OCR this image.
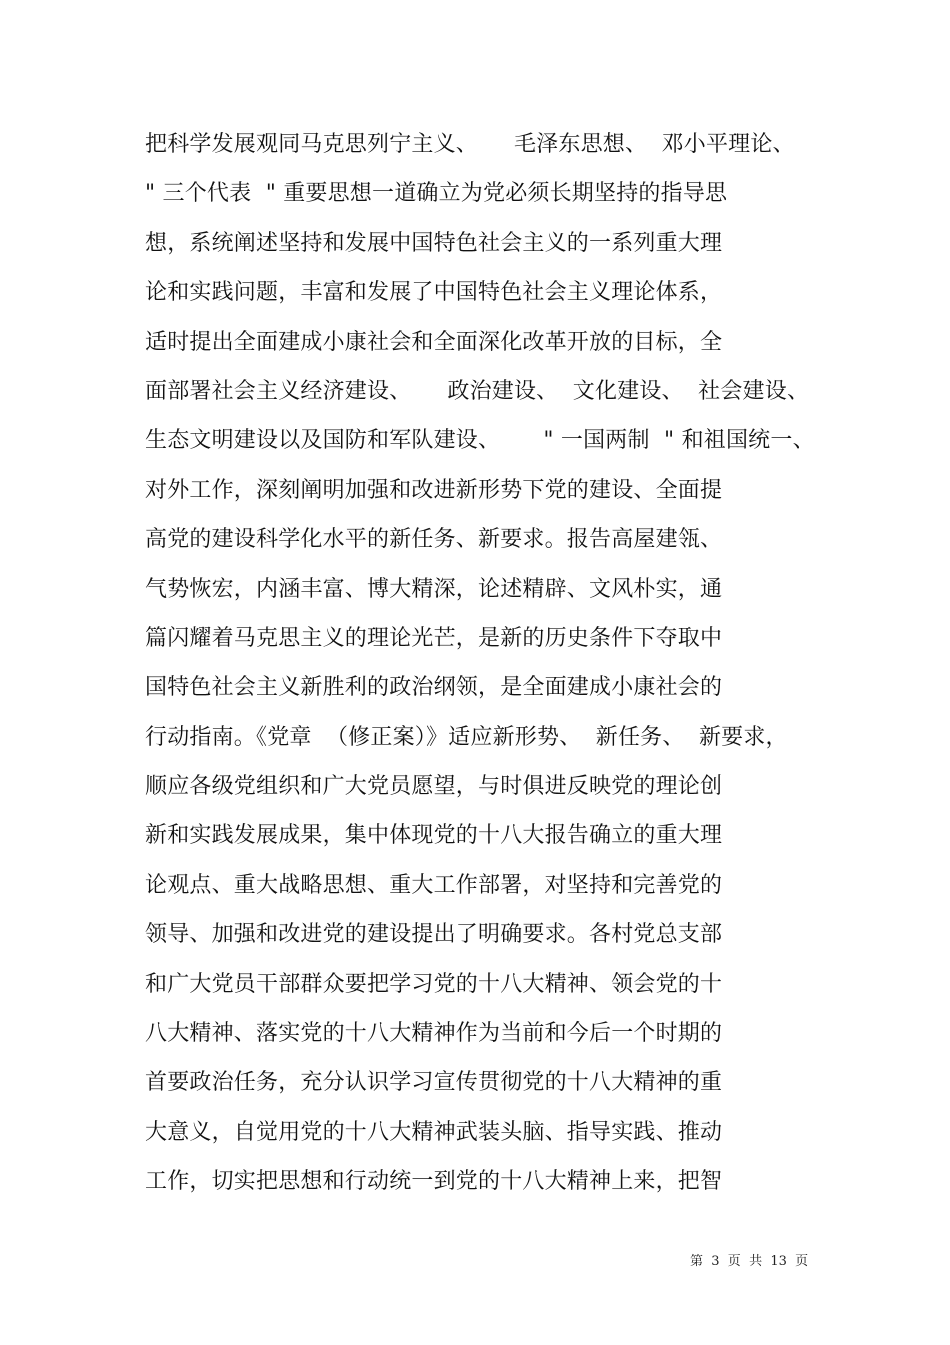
把科学发展观同马克思列宁主义、     毛泽东思想、  邓小平理论、
" 三个代表  " 重要思想一道确立为党必须长期坚持的指导思
想，系统阐述坚持和发展中国特色社会主义的一系列重大理
论和实践问题，丰富和发展了中国特色社会主义理论体系，
适时提出全面建成小康社会和全面深化改革开放的目标，全
面部署社会主义经济建设、     政治建设、  文化建设、  社会建设、
生态文明建设以及国防和军队建设、      " 一国两制  " 和祖国统一、
对外工作，深刻阐明加强和改进新形势下党的建设、全面提
高党的建设科学化水平的新任务、新要求。报告高屋建瓴、
气势恢宏，内涵丰富、博大精深，论述精辟、文风朴实，通
篇闪耀着马克思主义的理论光芒，是新的历史条件下夺取中
国特色社会主义新胜利的政治纲领，是全面建成小康社会的
行动指南。《党章  （修正案）》适应新形势、  新任务、  新要求，
顺应各级党组织和广大党员愿望，与时俱进反映党的理论创
新和实践发展成果，集中体现党的十八大报告确立的重大理
论观点、重大战略思想、重大工作部署，对坚持和完善党的
领导、加强和改进党的建设提出了明确要求。各村党总支部
和广大党员干部群众要把学习党的十八大精神、领会党的十
八大精神、落实党的十八大精神作为当前和今后一个时期的
首要政治任务，充分认识学习宣传贯彻党的十八大精神的重
大意义，自觉用党的十八大精神武装头脑、指导实践、推动
工作，切实把思想和行动统一到党的十八大精神上来，把智
第  3  页  共  13  页
